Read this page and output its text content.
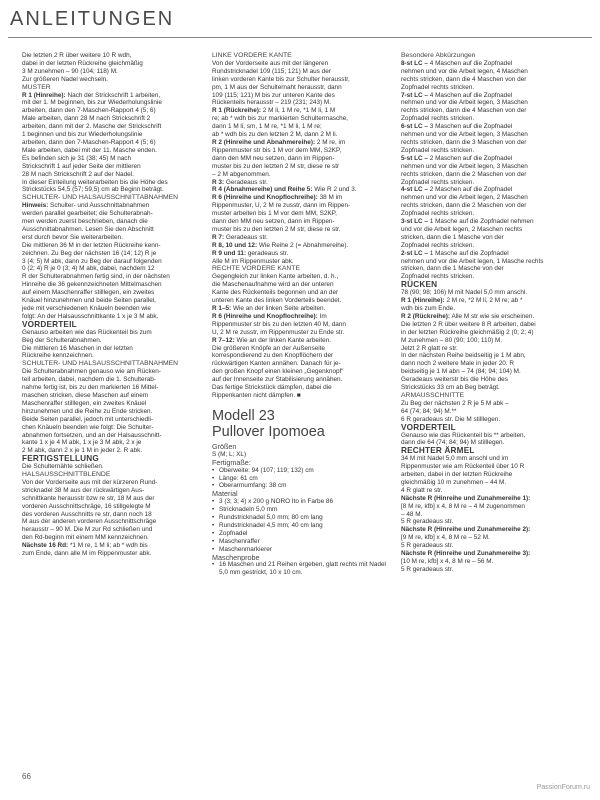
ANLEITUNGEN

Die letzten 2 R über weitere 10 R wdh,

dabei in der letzten Rückreihe gleichmäßig

3 M zunehmen – 90 (104; 118) M.

Zur größeren Nadel wechseln.

MUSTER

R 1 (Hinreihe): Nach der Strickschrift 1 arbeiten,

mit der 1. M beginnen, bis zur Wiederholungslinie

arbeiten, dann den 7-Maschen-Rapport 4 (5; 6)

Male arbeiten, dann 28 M nach Strickschrift 2

arbeiten, dann mit der 2. Masche der Strickschrift

1 beginnen und bis zur Wiederholungslinie

arbeiten, dann den 7-Maschen-Rapport 4 (5; 6)

Male arbeiten, dabei mit der 11. Masche enden.

Es befinden sich je 31 (38; 45) M nach

Strickschrift 1 auf jeder Seite der mittleren

28 M nach Strickschrift 2 auf der Nadel.

In dieser Einteilung weiterarbeiten bis die Höhe des

Strickstücks 54,5 (57; 59,5) cm ab Beginn beträgt.

SCHULTER- UND HALSAUSSCHNITTABNAHMEN

Hinweis: Schulter- und Ausschnittabnahmen

werden parallel gearbeitet; die Schulterabnah-

men werden zuerst beschrieben, danach die

Ausschnittabnahmen. Lesen Sie den Abschnitt

erst durch bevor Sie weiterarbeiten.

Die mittleren 36 M in der letzten Rückreihe kenn-

zeichnen. Zu Beg der nächsten 16 (14; 12) R je

3 (4; 5) M abk, dann zu Beg der darauf folgenden

0 (2; 4) R je 0 (3; 4) M abk, dabei, nachdem 12

R der Schulterabnahmen fertig sind, in der nächsten

Hinreihe die 36 gekennzeichneten Mittelmaschen

auf einem Maschenraffer stilllegen, ein zweites

Knäuel hinzunehmen und beide Seiten parallel,

jede mit verschiedenen Knäueln beenden wie

folgt: An der Halsausschnittkante 1 x je 3 M abk.

VORDERTEIL

Genauso arbeiten wie das Rückenteil bis zum

Beg der Schulterabnahmen.

Die mittleren 16 Maschen in der letzten

Rückreihe kennzeichnen.

SCHULTER- UND HALSAUSSCHNITTABNAHMEN

Die Schulterabnahmen genauso wie am Rücken-

teil arbeiten, dabei, nachdem die 1. Schulterab-

nahme fertig ist, bis zu den markierten 16 Mittel-

maschen stricken, diese Maschen auf einem

Maschenraffer stilllegen, ein zweites Knäuel

hinzunehmen und die Reihe zu Ende stricken.

Beide Seiten parallel, jedoch mit unterschiedli-

chen Knäueln beenden wie folgt: Die Schulter-

abnahmen fortsetzen, und an der Halsausschnitt-

kante 1 x je 4 M abk, 1 x je 3 M abk, 2 x je

2 M abk, dann 2 x je 1 M in jeder 2. R abk.

FERTIGSTELLUNG

Die Schulternähte schließen.

HALSAUSSCHNITTBLENDE

Von der Vorderseite aus mit der kürzeren Rund-

stricknadel 38 M aus der rückwärtigen Aus-

schnittkante herausstr bzw re str, 18 M aus der

vorderen Ausschnittschräge, 16 stillgelegte M

des vorderen Ausschnitts re str, dann noch 18

M aus der anderen vorderen Ausschnittschräge

herausstr – 90 M. Die M zur Rd schließen und

den Rd-beginn mit einem MM kennzeichnen.

Nächste 16 Rd: *1 M re, 1 M li; ab * wdh bis

zum Ende, dann alle M im Rippenmuster abk.

LINKE VORDERE KANTE

Von der Vorderseite aus mit der längeren

Rundstricknadel 109 (115; 121) M aus der

linken vorderen Kante bis zur Schulter herausstr,

pm, 1 M aus der Schulternaht herausstr, dann

109 (115; 121) M bis zur unteren Kante des

Rückenteils herausstr – 219 (231; 243) M.

R 1 (Rückreihe): 2 M li, 1 M re, *1 M li, 1 M

re; ab * wdh bis zur markierten Schultermasche,

dann 1 M li, sm, 1 M re, *1 M li, 1 M re;

ab * wdh bis zu den letzten 2 M, dann 2 M li.

R 2 (Hinreihe und Abnahmereihe): 2 M re, im

Rippenmuster str bis 1 M vor dem MM, S2KP,

dann den MM neu setzen, dann im Rippen-

muster bis zu den letzten 2 M str, diese re str

– 2 M abgenommen.

R 3: Geradeaus str.

R 4 (Abnahmereihe) und Reihe 5: Wie R 2 und 3.

R 6 (Hinreihe und Knopflochreihe): 38 M im

Rippenmuster, U, 2 M re zusstr, dann im Rippen-

muster arbeiten bis 1 M vor dem MM, S2KP,

dann den MM neu setzen, dann im Rippen-

muster bis zu den letzten 2 M str, diese re str.

R 7: Geradeaus str.

R 8, 10 und 12: Wie Reihe 2 (= Abnahmereihe).

R 9 und 11: geradeaus str.

Alle M im Rippenmuster abk.

RECHTE VORDERE KANTE

Gegengleich zur linken Kante arbeiten, d. h.,

die Maschenaufnahme wird an der unteren

Kante des Rückenteils begonnen und an der

unteren Kante des linken Vorderteils beendet.

R 1–5: Wie an der linken Seite arbeiten.

R 6 (Hinreihe und Knopflochreihe): Im

Rippenmuster str bis zu den letzten 40 M, dann

U, 2 M re zusstr, im Rippenmuster zu Ende str.

R 7–12: Wie an der linken Kante arbeiten.

Die größeren Knöpfe an der Außenseite

korrespondierend zu den Knopflöchern der

rückwärtigen Kanten annähen. Danach für je-

den großen Knopf einen kleinen „Gegenknopf“

auf der Innenseite zur Stabilisierung annähen.

Das fertige Strickstück dämpfen, dabei die

Rippenkanten nicht dämpfen. ■

Modell 23
Pullover Ipomoea

Größen

S (M; L; XL)

Fertigmaße:

• Oberweite: 94 (107; 119; 132) cm
• Länge: 61 cm
• Oberarmumfang: 38 cm

Material

• 3 (3; 3; 4) x 200 g NORO Ito in Farbe 86
• Stricknadeln 5,0 mm
• Rundstricknadel 5,0 mm; 80 cm lang
• Rundstricknadel 4,5 mm; 40 cm lang
• Zopfnadel
• Maschenraffer
• Maschenmarkierer

Maschenprobe

• 16 Maschen und 21 Reihen ergeben, glatt rechts mit Nadel 5,0 mm gestrickt, 10 x 10 cm.

Besondere Abkürzungen

8-st LC – 4 Maschen auf die Zopfnadel

nehmen und vor die Arbeit legen, 4 Maschen

rechts stricken, dann die 4 Maschen von der

Zopfnadel rechts stricken.

7-st LC – 4 Maschen auf die Zopfnadel

nehmen und vor die Arbeit legen, 3 Maschen

rechts stricken, dann die 4 Maschen von der

Zopfnadel rechts stricken.

6-st LC – 3 Maschen auf die Zopfnadel

nehmen und vor die Arbeit legen, 3 Maschen

rechts stricken, dann die 3 Maschen von der

Zopfnadel rechts stricken.

5-st LC – 2 Maschen auf die Zopfnadel

nehmen und vor die Arbeit legen, 3 Maschen

rechts stricken, dann die 2 Maschen von der

Zopfnadel rechts stricken.

4-st LC – 2 Maschen auf die Zopfnadel

nehmen und vor die Arbeit legen, 2 Maschen

rechts stricken, dann die 2 Maschen von der

Zopfnadel rechts stricken.

3-st LC – 1 Masche auf die Zopfnadel nehmen

und vor die Arbeit legen, 2 Maschen rechts

stricken, dann die 1 Masche von der

Zopfnadel rechts stricken.

2-st LC – 1 Masche auf die Zopfnadel

nehmen und vor die Arbeit legen, 1 Masche rechts

stricken, dann die 1 Masche von der

Zopfnadel rechts stricken.

RÜCKEN

78 (90; 98; 106) M mit Nadel 5,0 mm anschl.

R 1 (Hinreihe): 2 M re, *2 M li, 2 M re; ab *

wdh bis zum Ende.

R 2 (Rückreihe): Alle M str wie sie erscheinen.

Die letzten 2 R über weitere 8 R arbeiten, dabei

in der letzten Rückreihe gleichmäßig 2 (0; 2; 4)

M zunehmen – 80 (90; 100; 110) M.

Jetzt 2 R glatt re str.

In der nächsten Reihe beidseitig je 1 M abn,

dann noch 2 weitere Male in jeder 20. R

beidseitig je 1 M abn – 74 (84; 94; 104) M.

Geradeaus weiterstr bis die Höhe des

Strickstücks 33 cm ab Beg beträgt.

ARMAUSSCHNITTE

Zu Beg der nächsten 2 R je 5 M abk –

64 (74; 84; 94) M.**

6 R geradeaus str. Die M stilllegen.

VORDERTEIL

Genauso wie das Rückenteil bis ** arbeiten,

dann die 64 (74; 84; 94) M stilllegen.

RECHTER ÄRMEL

34 M mit Nadel 5,0 mm anschl und im

Rippenmuster wie am Rückenteil über 10 R

arbeiten, dabei in der letzten Rückreihe

gleichmäßig 10 m zunehmen – 44 M.

4 R glatt re str.

Nächste R (Hinreihe und Zunahmereihe 1):

[8 M re, kfb] x 4, 8 M re – 4 M zugenommen

– 48 M.

5 R geradeaus str.

Nächste R (Hinreihe und Zunahmereihe 2):

[9 M re, kfb] x 4, 8 M re – 52 M.

5 R geradeaus str.

Nächste R (Hinreihe und Zunahmereihe 3):

[10 M re, kfb] x 4, 8 M re – 56 M.

5 R geradeaus str.

66
PassionForum.ru
